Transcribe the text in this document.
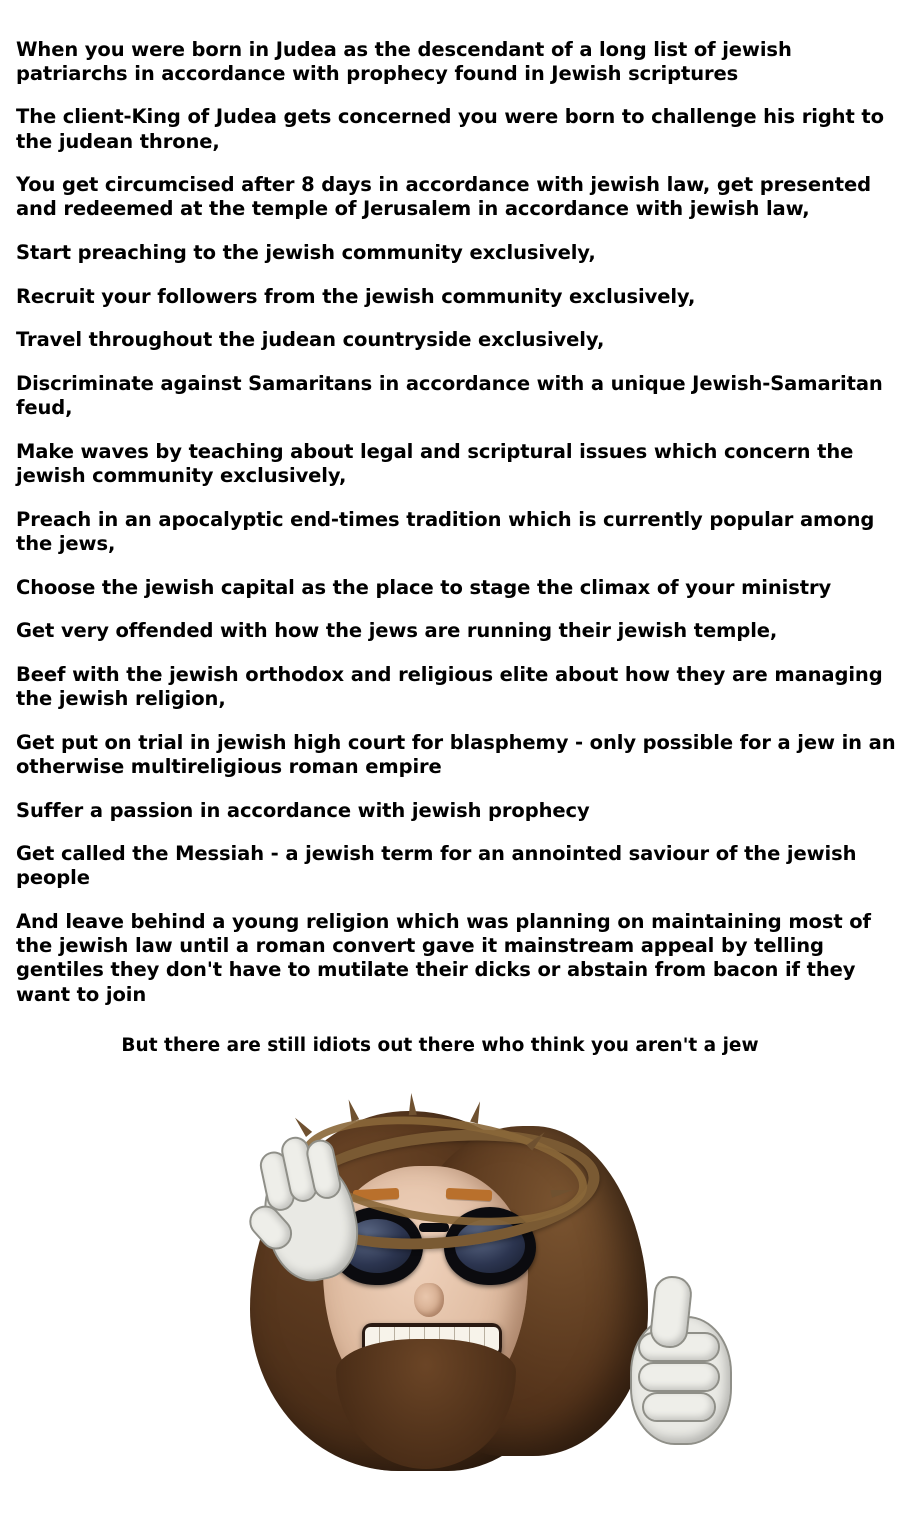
When you were born in Judea as the descendant of a long list of jewish patriarchs in accordance with prophecy found in Jewish scriptures

The client-King of Judea gets concerned you were born to challenge his right to the judean throne,

You get circumcised after 8 days in accordance with jewish law, get presented and redeemed at the temple of Jerusalem in accordance with jewish law,

Start preaching to the jewish community exclusively,

Recruit your followers from the jewish community exclusively,

Travel throughout the judean countryside exclusively,

Discriminate against Samaritans in accordance with a unique Jewish-Samaritan feud,

Make waves by teaching about legal and scriptural issues which concern the jewish community exclusively,

Preach in an apocalyptic end-times tradition which is currently popular among the jews,

Choose the jewish capital as the place to stage the climax of your ministry

Get very offended with how the jews are running their jewish temple,

Beef with the jewish orthodox and religious elite about how they are managing the jewish religion,

Get put on trial in jewish high court for blasphemy - only possible for a jew in an otherwise multireligious roman empire

Suffer a passion in accordance with jewish prophecy

Get called the Messiah - a jewish term for an annointed saviour of the jewish people

And leave behind a young religion which was planning on maintaining most of the jewish law until a roman convert gave it mainstream appeal by telling gentiles they don't have to mutilate their dicks or abstain from bacon if they want to join

But there are still idiots out there who think you aren't a jew
